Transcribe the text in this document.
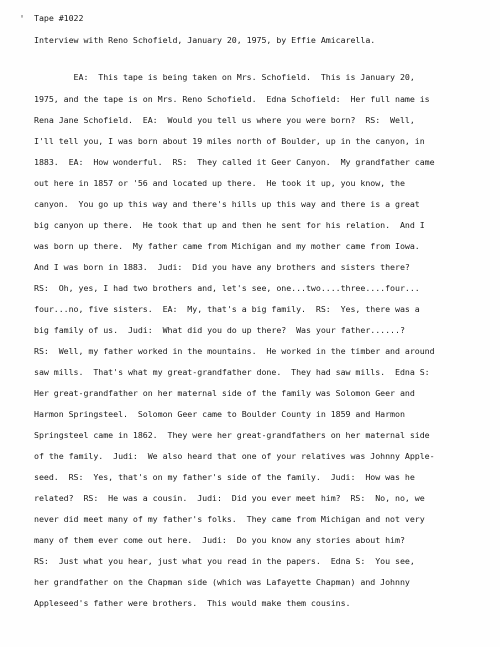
' Tape #1022
Interview with Reno Schofield, January 20, 1975, by Effie Amicarella.
EA:  This tape is being taken on Mrs. Schofield.  This is January 20,
1975, and the tape is on Mrs. Reno Schofield.  Edna Schofield:  Her full name is
Rena Jane Schofield.  EA:  Would you tell us where you were born?  RS:  Well,
I'll tell you, I was born about 19 miles north of Boulder, up in the canyon, in
1883.  EA:  How wonderful.  RS:  They called it Geer Canyon.  My grandfather came
out here in 1857 or '56 and located up there.  He took it up, you know, the
canyon.  You go up this way and there's hills up this way and there is a great
big canyon up there.  He took that up and then he sent for his relation.  And I
was born up there.  My father came from Michigan and my mother came from Iowa.
And I was born in 1883.  Judi:  Did you have any brothers and sisters there?
RS:  Oh, yes, I had two brothers and, let's see, one...two....three....four...
four...no, five sisters.  EA:  My, that's a big family.  RS:  Yes, there was a
big family of us.  Judi:  What did you do up there?  Was your father......?
RS:  Well, my father worked in the mountains.  He worked in the timber and around
saw mills.  That's what my great-grandfather done.  They had saw mills.  Edna S:
Her great-grandfather on her maternal side of the family was Solomon Geer and
Harmon Springsteel.  Solomon Geer came to Boulder County in 1859 and Harmon
Springsteel came in 1862.  They were her great-grandfathers on her maternal side
of the family.  Judi:  We also heard that one of your relatives was Johnny Apple-
seed.  RS:  Yes, that's on my father's side of the family.  Judi:  How was he
related?  RS:  He was a cousin.  Judi:  Did you ever meet him?  RS:  No, no, we
never did meet many of my father's folks.  They came from Michigan and not very
many of them ever come out here.  Judi:  Do you know any stories about him?
RS:  Just what you hear, just what you read in the papers.  Edna S:  You see,
her grandfather on the Chapman side (which was Lafayette Chapman) and Johnny
Appleseed's father were brothers.  This would make them cousins.
